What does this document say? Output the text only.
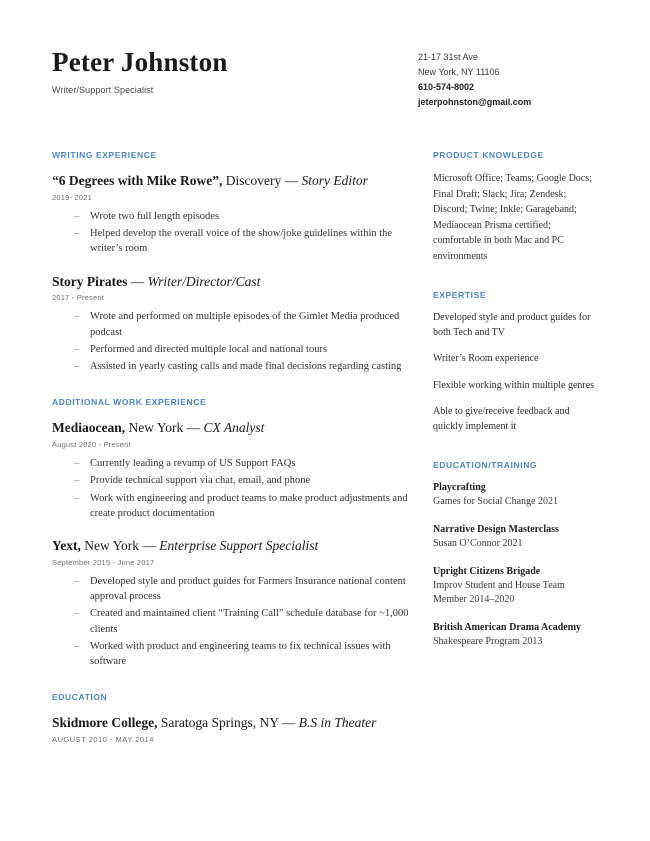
Peter Johnston
Writer/Support Specialist
21-17 31st Ave
New York, NY 11106
610-574-8002
jeterpohnston@gmail.com
WRITING EXPERIENCE

“6 Degrees with Mike Rowe”, Discovery — Story Editor

2019- 2021
– Wrote two full length episodes
– Helped develop the overall voice of the show/joke guidelines within the writer’s room

Story Pirates — Writer/Director/Cast

2017 - Present
– Wrote and performed on multiple episodes of the Gimlet Media produced podcast
– Performed and directed multiple local and national tours
– Assisted in yearly casting calls and made final decisions regarding casting
ADDITIONAL WORK EXPERIENCE

Mediaocean, New York — CX Analyst

August 2020 - Present
– Currently leading a revamp of US Support FAQs
– Provide technical support via chat, email, and phone
– Work with engineering and product teams to make product adjustments and create product documentation

Yext, New York — Enterprise Support Specialist

September 2015 - June 2017
– Developed style and product guides for Farmers Insurance national content approval process
– Created and maintained client “Training Call” schedule database for ~1,000 clients
– Worked with product and engineering teams to fix technical issues with software
EDUCATION

Skidmore College, Saratoga Springs, NY — B.S in Theater

AUGUST 2010 - MAY 2014
PRODUCT KNOWLEDGE
Microsoft Office; Teams; Google Docs; Final Draft; Slack; Jira; Zendesk; Discord; Twine; Inkle; Garageband; Mediaocean Prisma certified; comfortable in both Mac and PC environments
EXPERTISE
Developed style and product guides for both Tech and TV
Writer’s Room experience
Flexible working within multiple genres
Able to give/receive feedback and quickly implement it
EDUCATION/TRAINING
Playcrafting
Games for Social Change 2021
Narrative Design Masterclass
Susan O’Connor 2021
Upright Citizens Brigade
Improv Student and House Team Member 2014–2020
British American Drama Academy
Shakespeare Program 2013
